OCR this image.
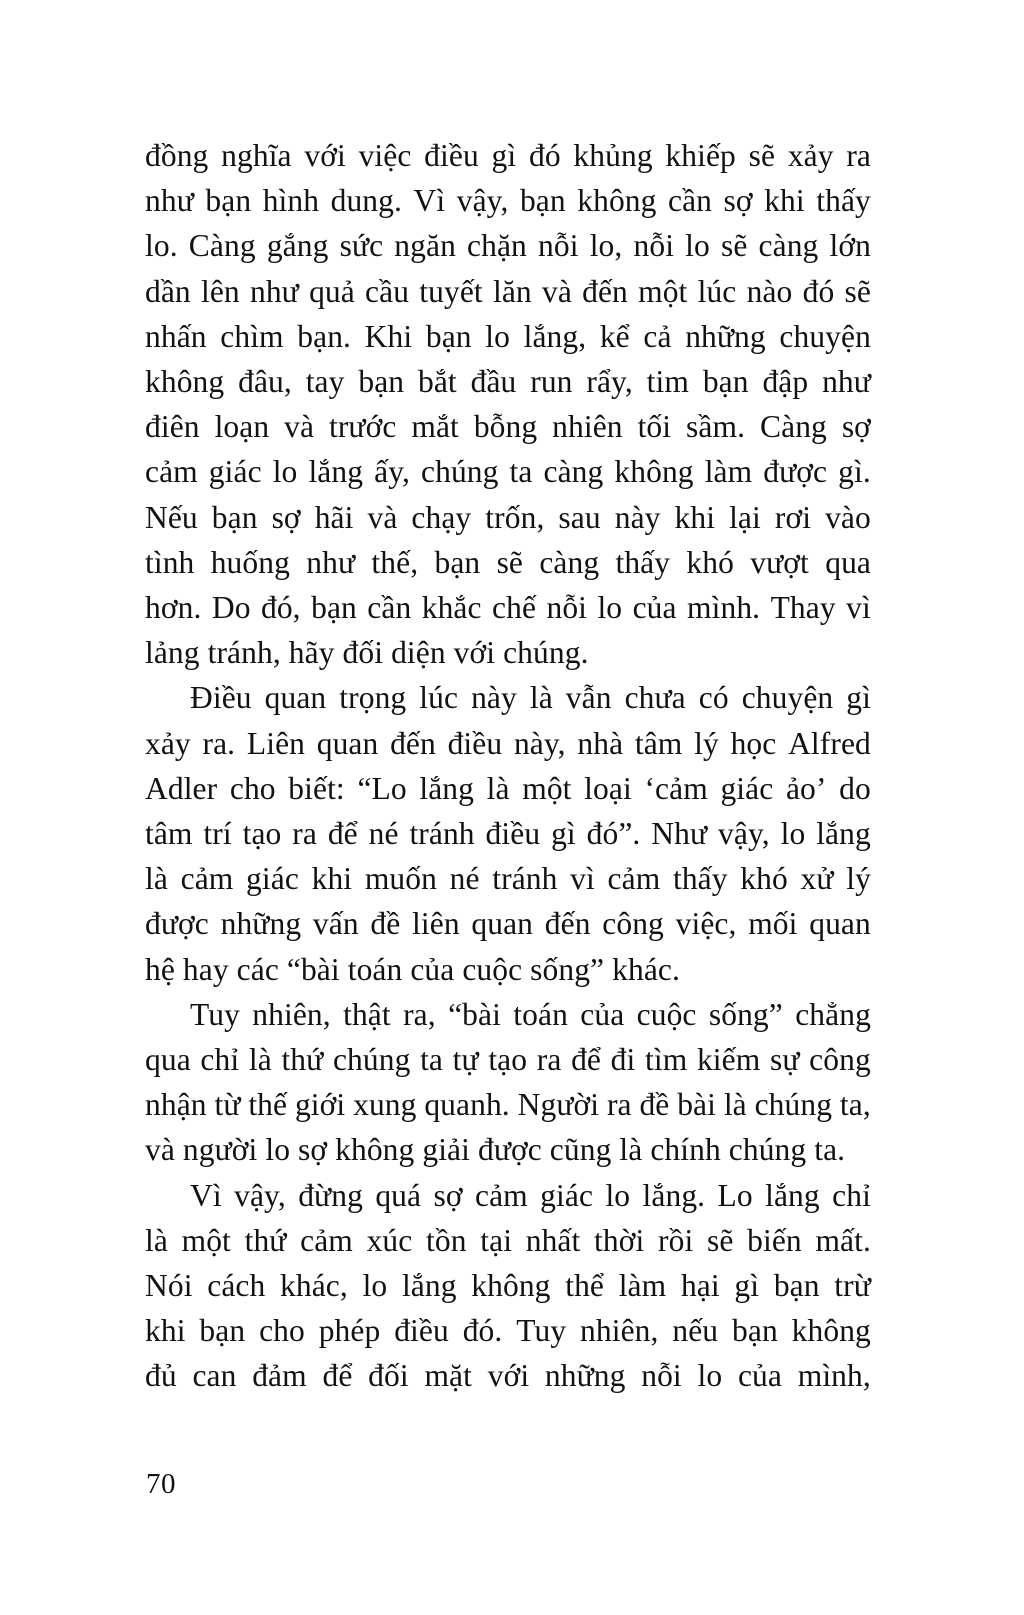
đồng nghĩa với việc điều gì đó khủng khiếp sẽ xảy ra
như bạn hình dung. Vì vậy, bạn không cần sợ khi thấy
lo. Càng gắng sức ngăn chặn nỗi lo, nỗi lo sẽ càng lớn
dần lên như quả cầu tuyết lăn và đến một lúc nào đó sẽ
nhấn chìm bạn. Khi bạn lo lắng, kể cả những chuyện
không đâu, tay bạn bắt đầu run rẩy, tim bạn đập như
điên loạn và trước mắt bỗng nhiên tối sầm. Càng sợ
cảm giác lo lắng ấy, chúng ta càng không làm được gì.
Nếu bạn sợ hãi và chạy trốn, sau này khi lại rơi vào
tình huống như thế, bạn sẽ càng thấy khó vượt qua
hơn. Do đó, bạn cần khắc chế nỗi lo của mình. Thay vì
lảng tránh, hãy đối diện với chúng.
Điều quan trọng lúc này là vẫn chưa có chuyện gì
xảy ra. Liên quan đến điều này, nhà tâm lý học Alfred
Adler cho biết: “Lo lắng là một loại ‘cảm giác ảo’ do
tâm trí tạo ra để né tránh điều gì đó”. Như vậy, lo lắng
là cảm giác khi muốn né tránh vì cảm thấy khó xử lý
được những vấn đề liên quan đến công việc, mối quan
hệ hay các “bài toán của cuộc sống” khác.
Tuy nhiên, thật ra, “bài toán của cuộc sống” chẳng
qua chỉ là thứ chúng ta tự tạo ra để đi tìm kiếm sự công
nhận từ thế giới xung quanh. Người ra đề bài là chúng ta,
và người lo sợ không giải được cũng là chính chúng ta.
Vì vậy, đừng quá sợ cảm giác lo lắng. Lo lắng chỉ
là một thứ cảm xúc tồn tại nhất thời rồi sẽ biến mất.
Nói cách khác, lo lắng không thể làm hại gì bạn trừ
khi bạn cho phép điều đó. Tuy nhiên, nếu bạn không
đủ can đảm để đối mặt với những nỗi lo của mình,
70
